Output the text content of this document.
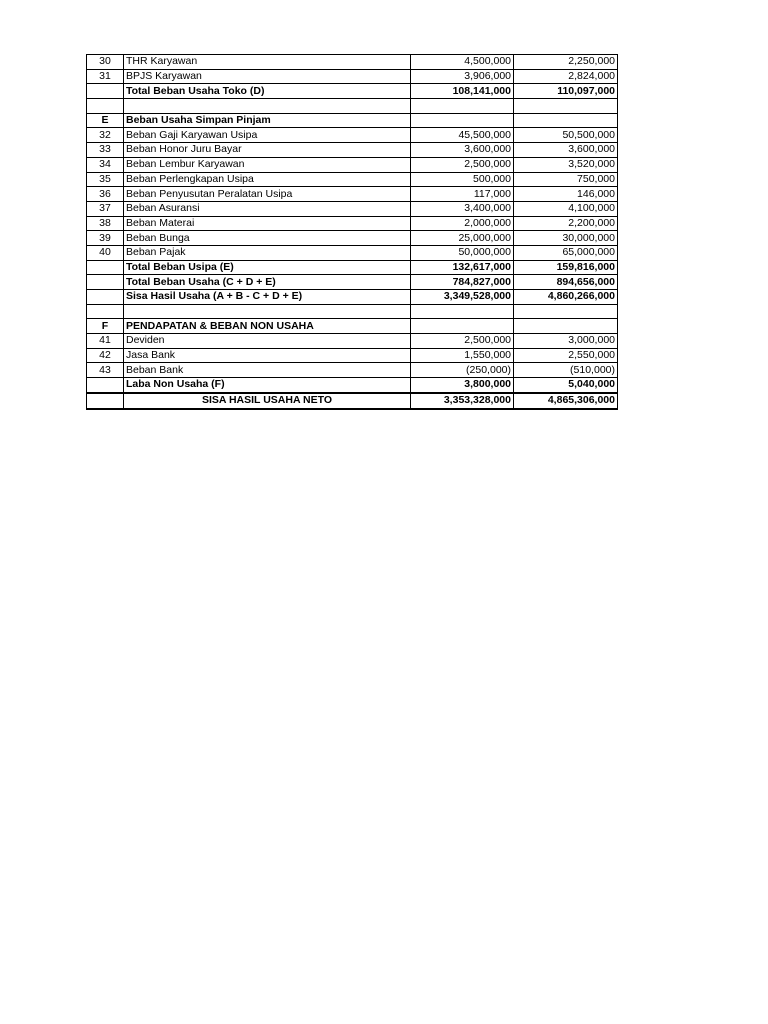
30	THR Karyawan	4,500,000	2,250,000
31	BPJS Karyawan	3,906,000	2,824,000
	Total Beban Usaha Toko (D)	108,141,000	110,097,000

E	Beban Usaha Simpan Pinjam		
32	Beban Gaji Karyawan Usipa	45,500,000	50,500,000
33	Beban Honor Juru Bayar	3,600,000	3,600,000
34	Beban Lembur Karyawan	2,500,000	3,520,000
35	Beban Perlengkapan Usipa	500,000	750,000
36	Beban Penyusutan Peralatan Usipa	117,000	146,000
37	Beban Asuransi	3,400,000	4,100,000
38	Beban Materai	2,000,000	2,200,000
39	Beban Bunga	25,000,000	30,000,000
40	Beban Pajak	50,000,000	65,000,000
	Total Beban Usipa (E)	132,617,000	159,816,000
	Total Beban Usaha (C + D + E)	784,827,000	894,656,000
	Sisa Hasil Usaha (A + B - C + D + E)	3,349,528,000	4,860,266,000

F	PENDAPATAN & BEBAN NON USAHA		
41	Deviden	2,500,000	3,000,000
42	Jasa Bank	1,550,000	2,550,000
43	Beban Bank	(250,000)	(510,000)
	Laba Non Usaha (F)	3,800,000	5,040,000
	SISA HASIL USAHA NETO	3,353,328,000	4,865,306,000
